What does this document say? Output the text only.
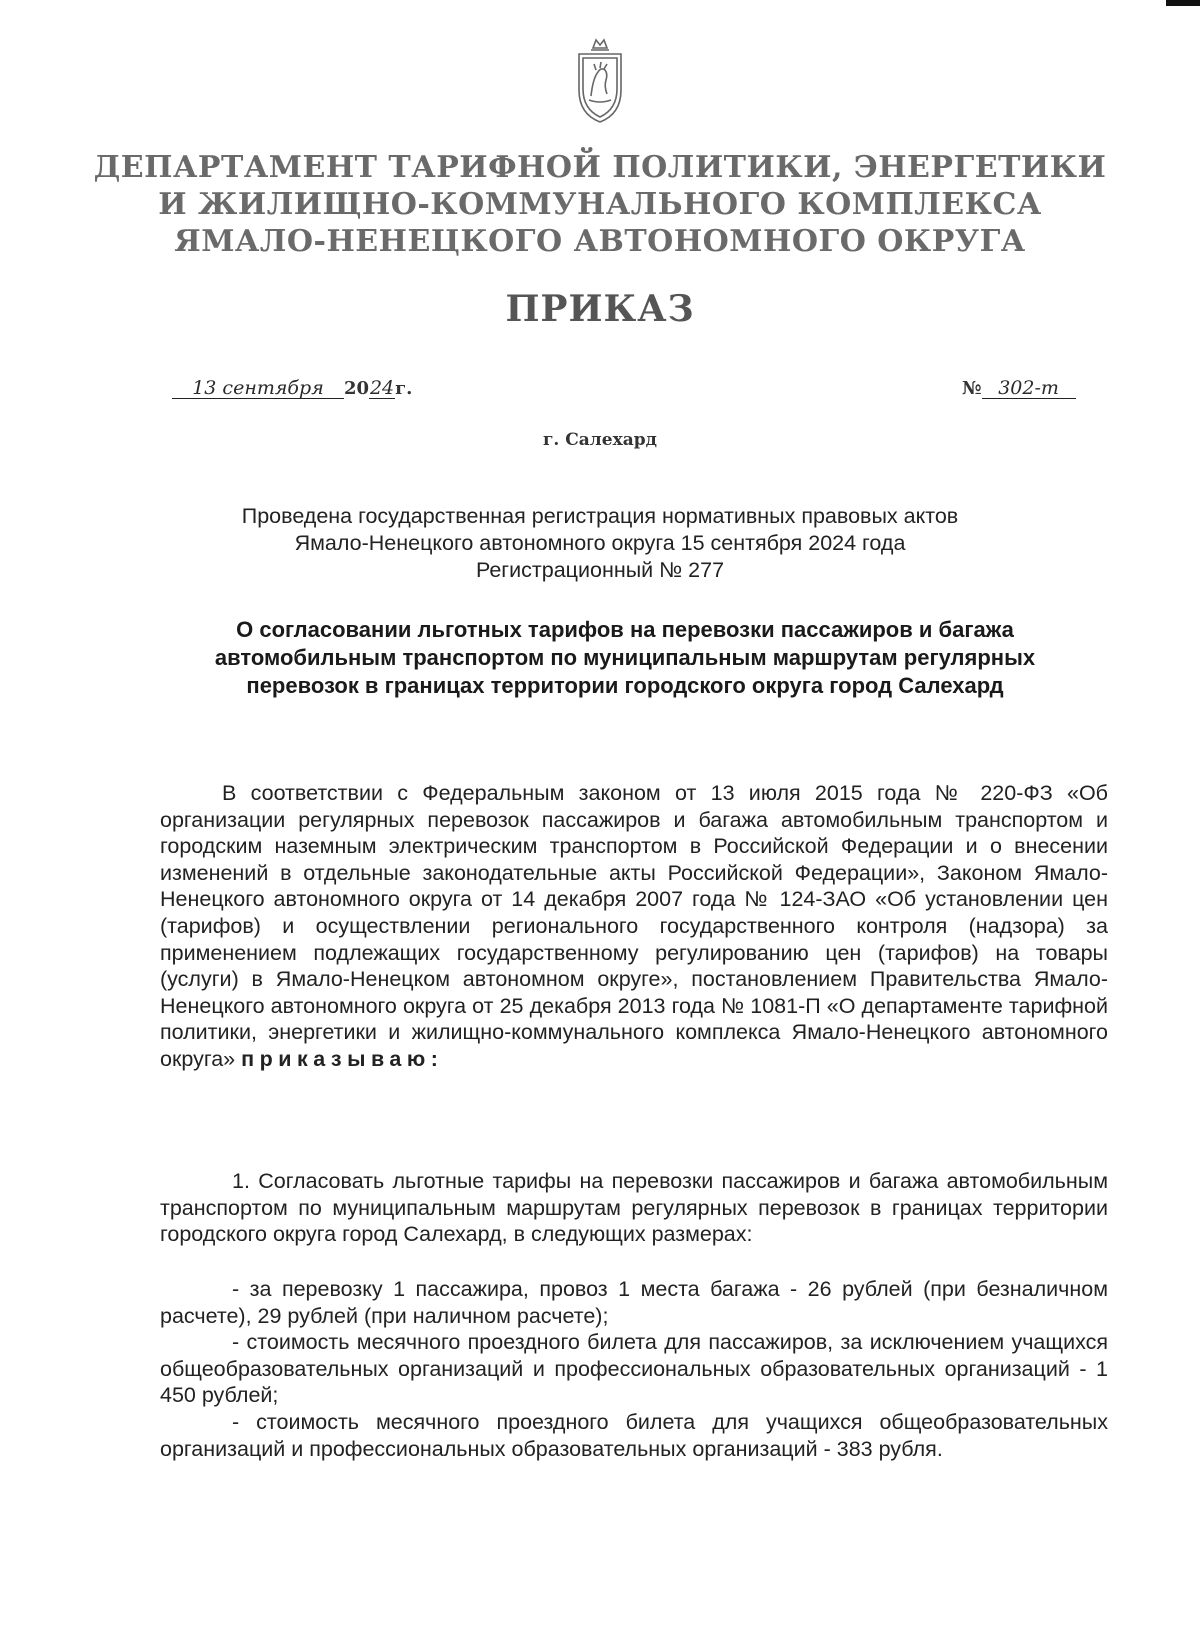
ДЕПАРТАМЕНТ ТАРИФНОЙ ПОЛИТИКИ, ЭНЕРГЕТИКИ
И ЖИЛИЩНО-КОММУНАЛЬНОГО КОМПЛЕКСА
ЯМАЛО-НЕНЕЦКОГО АВТОНОМНОГО ОКРУГА
ПРИКАЗ
13 сентября 2024г.	№ 302-т
г. Салехард
Проведена государственная регистрация нормативных правовых актов
Ямало-Ненецкого автономного округа 15 сентября 2024 года
Регистрационный № 277
О согласовании льготных тарифов на перевозки пассажиров и багажа автомобильным транспортом по муниципальным маршрутам регулярных перевозок в границах территории городского округа город Салехард
В соответствии с Федеральным законом от 13 июля 2015 года № 220-ФЗ «Об организации регулярных перевозок пассажиров и багажа автомобильным транспортом и городским наземным электрическим транспортом в Российской Федерации и о внесении изменений в отдельные законодательные акты Российской Федерации», Законом Ямало-Ненецкого автономного округа от 14 декабря 2007 года № 124-ЗАО «Об установлении цен (тарифов) и осуществлении регионального государственного контроля (надзора) за применением подлежащих государственному регулированию цен (тарифов) на товары (услуги) в Ямало-Ненецком автономном округе», постановлением Правительства Ямало-Ненецкого автономного округа от 25 декабря 2013 года № 1081-П «О департаменте тарифной политики, энергетики и жилищно-коммунального комплекса Ямало-Ненецкого автономного округа» приказываю:
1. Согласовать льготные тарифы на перевозки пассажиров и багажа автомобильным транспортом по муниципальным маршрутам регулярных перевозок в границах территории городского округа город Салехард, в следующих размерах:
- за перевозку 1 пассажира, провоз 1 места багажа - 26 рублей (при безналичном расчете), 29 рублей (при наличном расчете);
- стоимость месячного проездного билета для пассажиров, за исключением учащихся общеобразовательных организаций и профессиональных образовательных организаций - 1 450 рублей;
- стоимость месячного проездного билета для учащихся общеобразовательных организаций и профессиональных образовательных организаций - 383 рубля.
